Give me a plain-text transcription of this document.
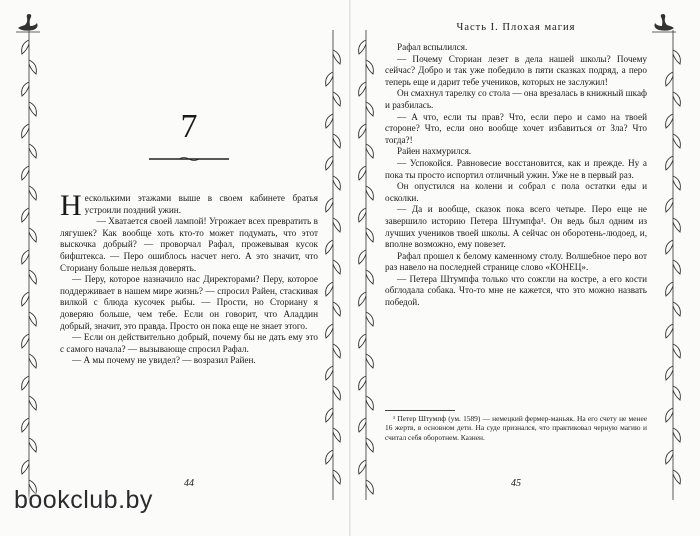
7

Несколькими этажами выше в своем кабинете братья устроили поздний ужин.

— Хватается своей лампой! Угрожает всех превратить в лягушек? Как вообще хоть кто-то может подумать, что этот выскочка добрый? — проворчал Рафал, прожевывая кусок бифштекса. — Перо ошиблось насчет него. А это значит, что Сториану больше нельзя доверять.

— Перу, которое назначило нас Директорами? Перу, которое поддерживает в нашем мире жизнь? — спросил Райен, стаскивая вилкой с блюда кусочек рыбы. — Прости, но Сториану я доверяю больше, чем тебе. Если он говорит, что Аладдин добрый, значит, это правда. Просто он пока еще не знает этого.

— Если он действительно добрый, почему бы не дать ему это с самого начала? — вызывающе спросил Рафал.

— А мы почему не увидел? — возразил Райен.

44
Часть I. Плохая магия

Рафал вспылился.

— Почему Сториан лезет в дела нашей школы? Почему сейчас? Добро и так уже победило в пяти сказках подряд, а перо теперь еще и дарит тебе учеников, которых не заслужил!

Он смахнул тарелку со стола — она врезалась в книжный шкаф и разбилась.

— А что, если ты прав? Что, если перо и само на твоей стороне? Что, если оно вообще хочет избавиться от Зла? Что тогда?!

Райен нахмурился.

— Успокойся. Равновесие восстановится, как и прежде. Ну а пока ты просто испортил отличный ужин. Уже не в первый раз.

Он опустился на колени и собрал с пола остатки еды и осколки.

— Да и вообще, сказок пока всего четыре. Перо еще не завершило историю Петера Штумпфа¹. Он ведь был одним из лучших учеников твоей школы. А сейчас он оборотень-людоед, и, вполне возможно, ему повезет.

Рафал прошел к белому каменному столу. Волшебное перо вот раз навело на последней странице слово «КОНЕЦ».

— Петера Штумпфа только что сожгли на костре, а его кости обглодала собака. Что-то мне не кажется, что это можно назвать победой.

¹ Петер Штумпф (ум. 1589) — немецкий фермер-маньяк. На его счету не менее 16 жертв, в основном дети. На суде признался, что практиковал черную магию и считал себя оборотнем. Казнен.

45
bookclub.by
